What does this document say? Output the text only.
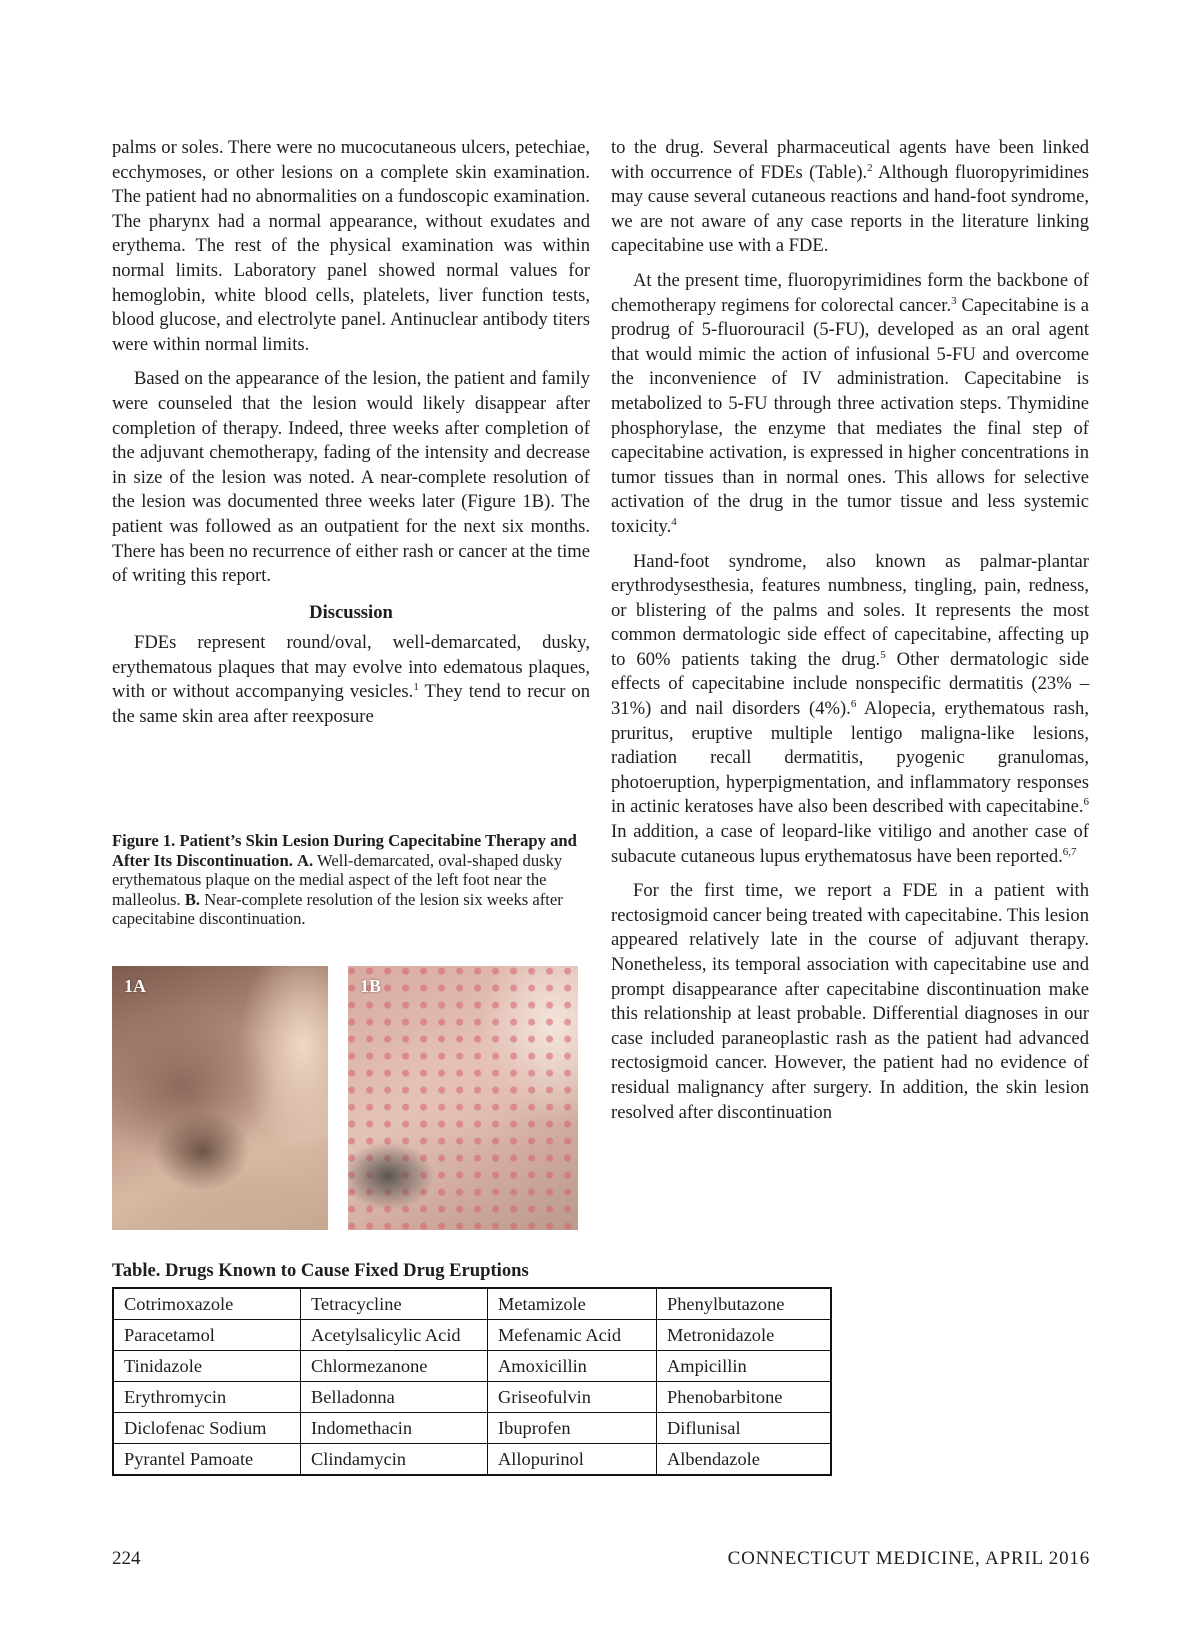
palms or soles. There were no mucocutaneous ulcers, petechiae, ecchymoses, or other lesions on a complete skin examination. The patient had no abnormalities on a fundoscopic examination. The pharynx had a normal appearance, without exudates and erythema. The rest of the physical examination was within normal limits. Laboratory panel showed normal values for hemoglobin, white blood cells, platelets, liver function tests, blood glucose, and electrolyte panel. Antinuclear antibody titers were within normal limits.

Based on the appearance of the lesion, the patient and family were counseled that the lesion would likely disappear after completion of therapy. Indeed, three weeks after completion of the adjuvant chemotherapy, fading of the intensity and decrease in size of the lesion was noted. A near-complete resolution of the lesion was documented three weeks later (Figure 1B). The patient was followed as an outpatient for the next six months. There has been no recurrence of either rash or cancer at the time of writing this report.

Discussion

FDEs represent round/oval, well-demarcated, dusky, erythematous plaques that may evolve into edematous plaques, with or without accompanying vesicles.$^1$ They tend to recur on the same skin area after reexposure

to the drug. Several pharmaceutical agents have been linked with occurrence of FDEs (Table).$^2$ Although fluoropyrimidines may cause several cutaneous reactions and hand-foot syndrome, we are not aware of any case reports in the literature linking capecitabine use with a FDE.

At the present time, fluoropyrimidines form the backbone of chemotherapy regimens for colorectal cancer.$^3$ Capecitabine is a prodrug of 5-fluorouracil (5-FU), developed as an oral agent that would mimic the action of infusional 5-FU and overcome the inconvenience of IV administration. Capecitabine is metabolized to 5-FU through three activation steps. Thymidine phosphorylase, the enzyme that mediates the final step of capecitabine activation, is expressed in higher concentrations in tumor tissues than in normal ones. This allows for selective activation of the drug in the tumor tissue and less systemic toxicity.$^4$

Hand-foot syndrome, also known as palmar-plantar erythrodysesthesia, features numbness, tingling, pain, redness, or blistering of the palms and soles. It represents the most common dermatologic side effect of capecitabine, affecting up to 60% patients taking the drug.$^5$ Other dermatologic side effects of capecitabine include nonspecific dermatitis (23% – 31%) and nail disorders (4%).$^6$ Alopecia, erythematous rash, pruritus, eruptive multiple lentigo maligna-like lesions, radiation recall dermatitis, pyogenic granulomas, photoeruption, hyperpigmentation, and inflammatory responses in actinic keratoses have also been described with capecitabine.$^6$ In addition, a case of leopard-like vitiligo and another case of subacute cutaneous lupus erythematosus have been reported.$^{6,7}$

For the first time, we report a FDE in a patient with rectosigmoid cancer being treated with capecitabine. This lesion appeared relatively late in the course of adjuvant therapy. Nonetheless, its temporal association with capecitabine use and prompt disappearance after capecitabine discontinuation make this relationship at least probable. Differential diagnoses in our case included paraneoplastic rash as the patient had advanced rectosigmoid cancer. However, the patient had no evidence of residual malignancy after surgery. In addition, the skin lesion resolved after discontinuation

Figure 1. Patient’s Skin Lesion During Capecitabine Therapy and After Its Discontinuation. A. Well-demarcated, oval-shaped dusky erythematous plaque on the medial aspect of the left foot near the malleolus. B. Near-complete resolution of the lesion six weeks after capecitabine discontinuation.
1A	1B
Table. Drugs Known to Cause Fixed Drug Eruptions
Cotrimoxazole	Tetracycline	Metamizole	Phenylbutazone
Paracetamol	Acetylsalicylic Acid	Mefenamic Acid	Metronidazole
Tinidazole	Chlormezanone	Amoxicillin	Ampicillin
Erythromycin	Belladonna	Griseofulvin	Phenobarbitone
Diclofenac Sodium	Indomethacin	Ibuprofen	Diflunisal
Pyrantel Pamoate	Clindamycin	Allopurinol	Albendazole
224	CONNECTICUT MEDICINE, APRIL 2016
